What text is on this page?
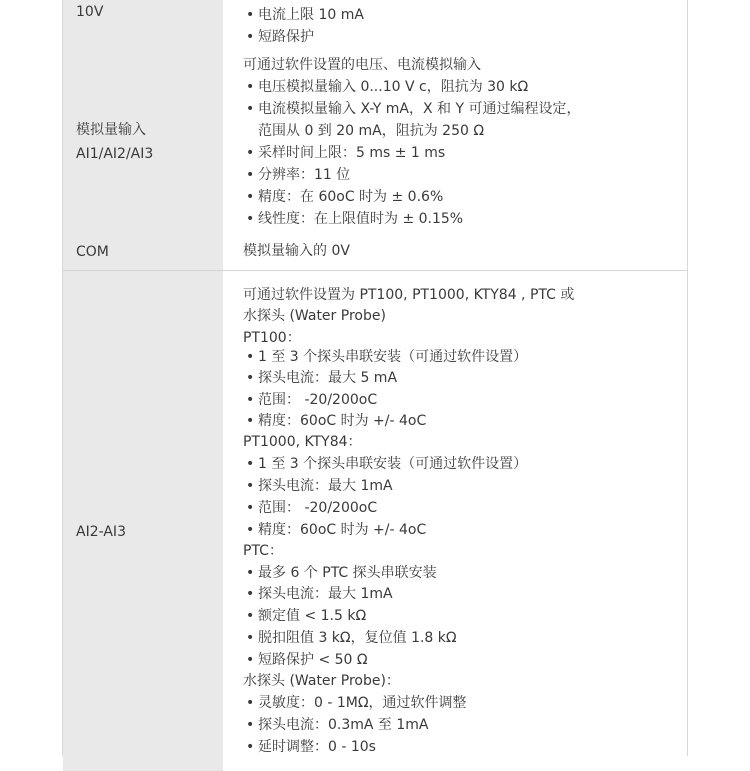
10V
•	电流上限 10 mA
• 短路保护
模拟量输入
AI1/AI2/AI3
可通过软件设置的电压、电流模拟输入
• 电压模拟量输入 0...10 V c，阻抗为 30 kΩ
• 电流模拟量输入 X-Y mA，X 和 Y 可通过编程设定，
范围从 0 到 20 mA，阻抗为 250 Ω
• 采样时间上限：5 ms ± 1 ms
• 分辨率：11 位
• 精度：在 60oC 时为 ± 0.6%
• 线性度：在上限值时为 ± 0.15%
COM	模拟量输入的 0V
AI2-AI3
可通过软件设置为 PT100, PT1000, KTY84 , PTC 或
水探头 (Water Probe)
PT100：
• 1 至 3 个探头串联安装（可通过软件设置）
• 探头电流：最大 5 mA
• 范围： -20/200oC
• 精度：60oC 时为 +/- 4oC
PT1000, KTY84：
• 1 至 3 个探头串联安装（可通过软件设置）
• 探头电流：最大 1mA
• 范围： -20/200oC
• 精度：60oC 时为 +/- 4oC
PTC：
• 最多 6 个 PTC 探头串联安装
• 探头电流：最大 1mA
• 额定值 < 1.5 kΩ
• 脱扣阻值 3 kΩ，复位值 1.8 kΩ
• 短路保护 < 50 Ω
水探头 (Water Probe)：
• 灵敏度：0 - 1MΩ，通过软件调整
• 探头电流：0.3mA 至 1mA
• 延时调整：0 - 10s
